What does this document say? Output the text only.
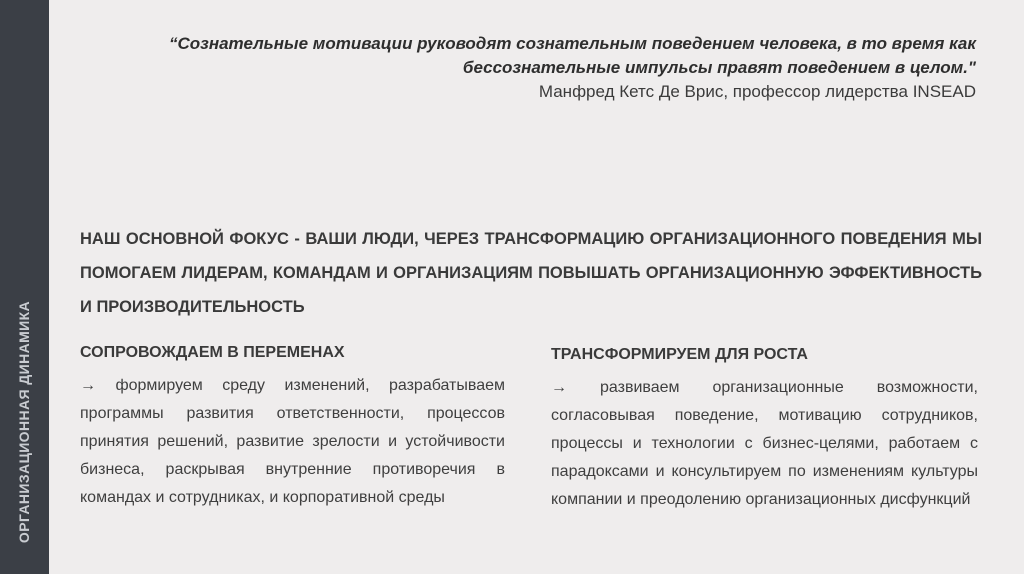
ОРГАНИЗАЦИОННАЯ ДИНАМИКА
“Сознательные мотивации руководят сознательным поведением человека, в то время как
бессознательные импульсы правят поведением в целом."
Манфред Кетс Де Врис, профессор лидерства INSEAD
НАШ ОСНОВНОЙ ФОКУС - ВАШИ ЛЮДИ, ЧЕРЕЗ ТРАНСФОРМАЦИЮ ОРГАНИЗАЦИОННОГО ПОВЕДЕНИЯ МЫ ПОМОГАЕМ ЛИДЕРАМ, КОМАНДАМ И ОРГАНИЗАЦИЯМ ПОВЫШАТЬ ОРГАНИЗАЦИОННУЮ ЭФФЕКТИВНОСТЬ И ПРОИЗВОДИТЕЛЬНОСТЬ
СОПРОВОЖДАЕМ В ПЕРЕМЕНАХ

→ формируем среду изменений, разрабатываем программы развития ответственности, процессов принятия решений, развитие зрелости и устойчивости бизнеса, раскрывая внутренние противоречия в командах и сотрудниках, и корпоративной среды

ТРАНСФОРМИРУЕМ ДЛЯ РОСТА

→ развиваем организационные возможности, согласовывая поведение, мотивацию сотрудников, процессы и технологии с бизнес-целями, работаем с парадоксами и консультируем по изменениям культуры компании и преодолению организационных дисфункций
